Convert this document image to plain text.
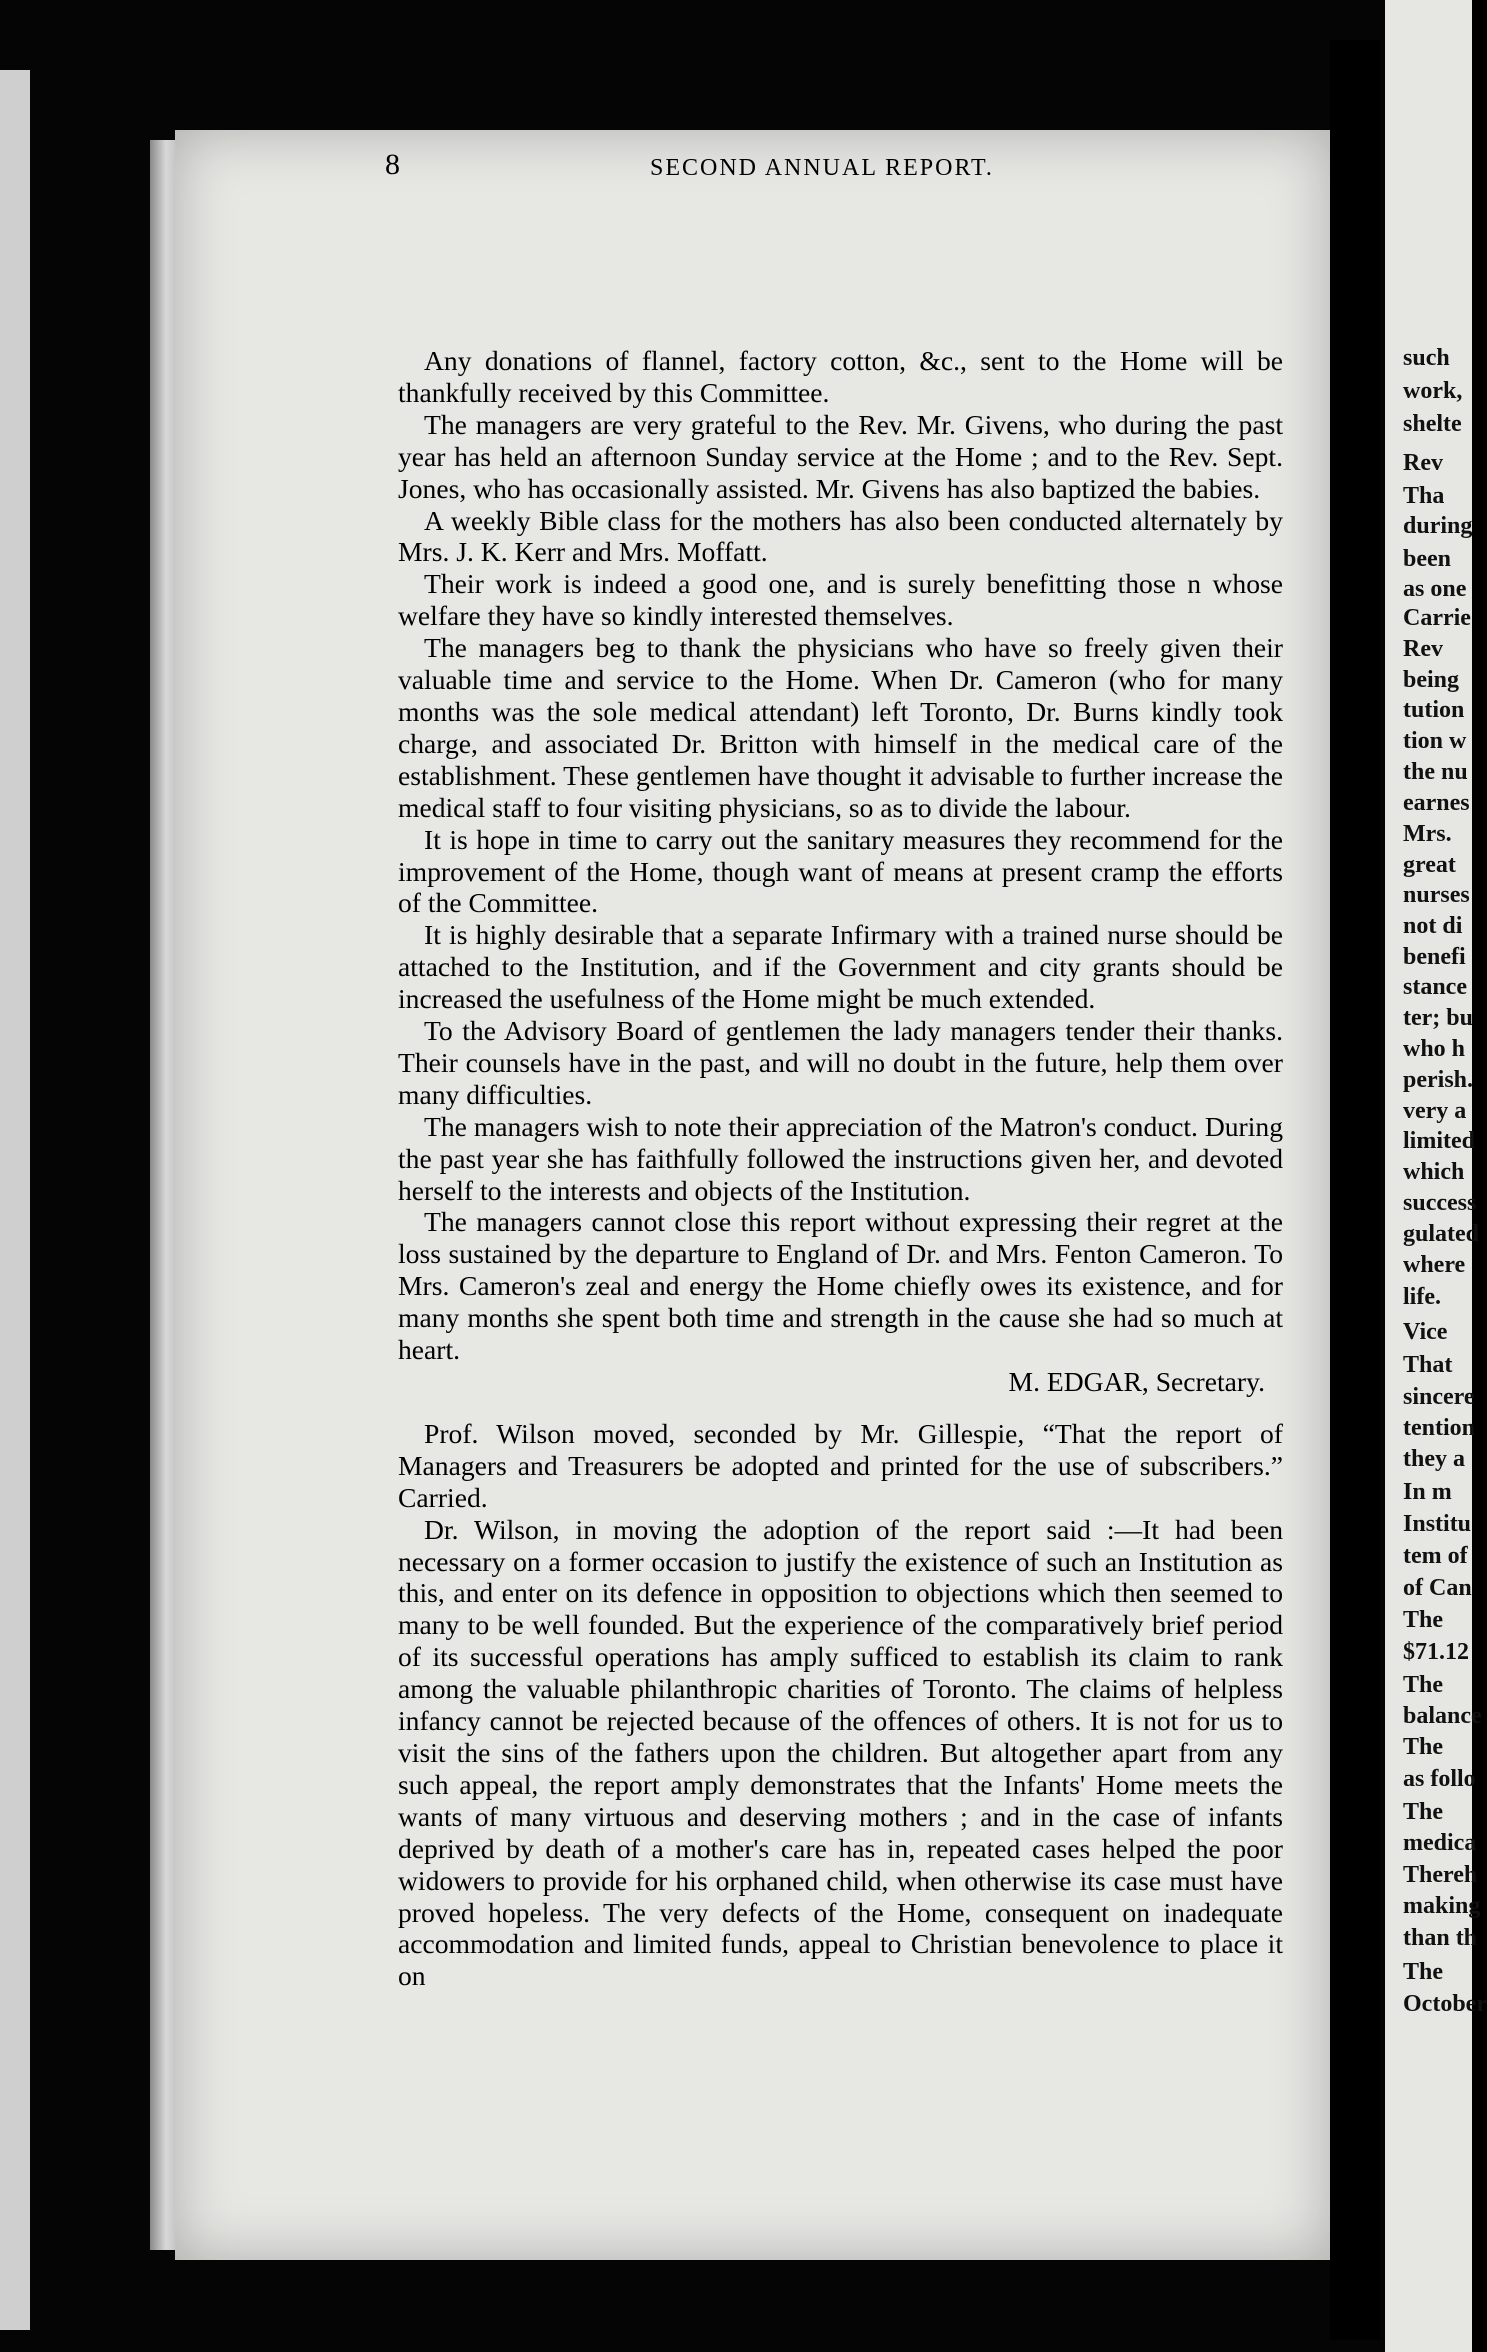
8	SECOND ANNUAL REPORT.

Any donations of flannel, factory cotton, &c., sent to the Home will be thankfully received by this Committee.

The managers are very grateful to the Rev. Mr. Givens, who during the past year has held an afternoon Sunday service at the Home ; and to the Rev. Sept. Jones, who has occasionally assisted. Mr. Givens has also baptized the babies.

A weekly Bible class for the mothers has also been conducted alternately by Mrs. J. K. Kerr and Mrs. Moffatt.

Their work is indeed a good one, and is surely benefitting those n whose welfare they have so kindly interested themselves.

The managers beg to thank the physicians who have so freely given their valuable time and service to the Home. When Dr. Cameron (who for many months was the sole medical attendant) left Toronto, Dr. Burns kindly took charge, and associated Dr. Britton with himself in the medical care of the establishment. These gentlemen have thought it advisable to further increase the medical staff to four visiting physicians, so as to divide the labour.

It is hope in time to carry out the sanitary measures they recommend for the improvement of the Home, though want of means at present cramp the efforts of the Committee.

It is highly desirable that a separate Infirmary with a trained nurse should be attached to the Institution, and if the Government and city grants should be increased the usefulness of the Home might be much extended.

To the Advisory Board of gentlemen the lady managers tender their thanks. Their counsels have in the past, and will no doubt in the future, help them over many difficulties.

The managers wish to note their appreciation of the Matron's conduct. During the past year she has faithfully followed the instructions given her, and devoted herself to the interests and objects of the Institution.

The managers cannot close this report without expressing their regret at the loss sustained by the departure to England of Dr. and Mrs. Fenton Cameron. To Mrs. Cameron's zeal and energy the Home chiefly owes its existence, and for many months she spent both time and strength in the cause she had so much at heart.

M. EDGAR, Secretary.

Prof. Wilson moved, seconded by Mr. Gillespie, “That the report of Managers and Treasurers be adopted and printed for the use of subscribers.” Carried.

Dr. Wilson, in moving the adoption of the report said :—It had been necessary on a former occasion to justify the existence of such an Institution as this, and enter on its defence in opposition to objections which then seemed to many to be well founded. But the experience of the comparatively brief period of its successful operations has amply sufficed to establish its claim to rank among the valuable philanthropic charities of Toronto. The claims of helpless infancy cannot be rejected because of the offences of others. It is not for us to visit the sins of the fathers upon the children. But altogether apart from any such appeal, the report amply demonstrates that the Infants' Home meets the wants of many virtuous and deserving mothers ; and in the case of infants deprived by death of a mother's care has in, repeated cases helped the poor widowers to provide for his orphaned child, when otherwise its case must have proved hopeless. The very defects of the Home, consequent on inadequate accommodation and limited funds, appeal to Christian benevolence to place it on

such
work,
shelte
Rev
Tha
during
been
as one
Carrie
Rev
being
tution
tion w
the nu
earnes
Mrs.
great
nurses
not di
benefi
stance
ter; bu
who h
perish.
very a
limited
which
success
gulated
where
life.
Vice
That
sincere
tention
they a
In m
Institu
tem of
of Can
The
$71.12
The
balance
The
as follo
The
medica
Thereh
making
than th
The
October
